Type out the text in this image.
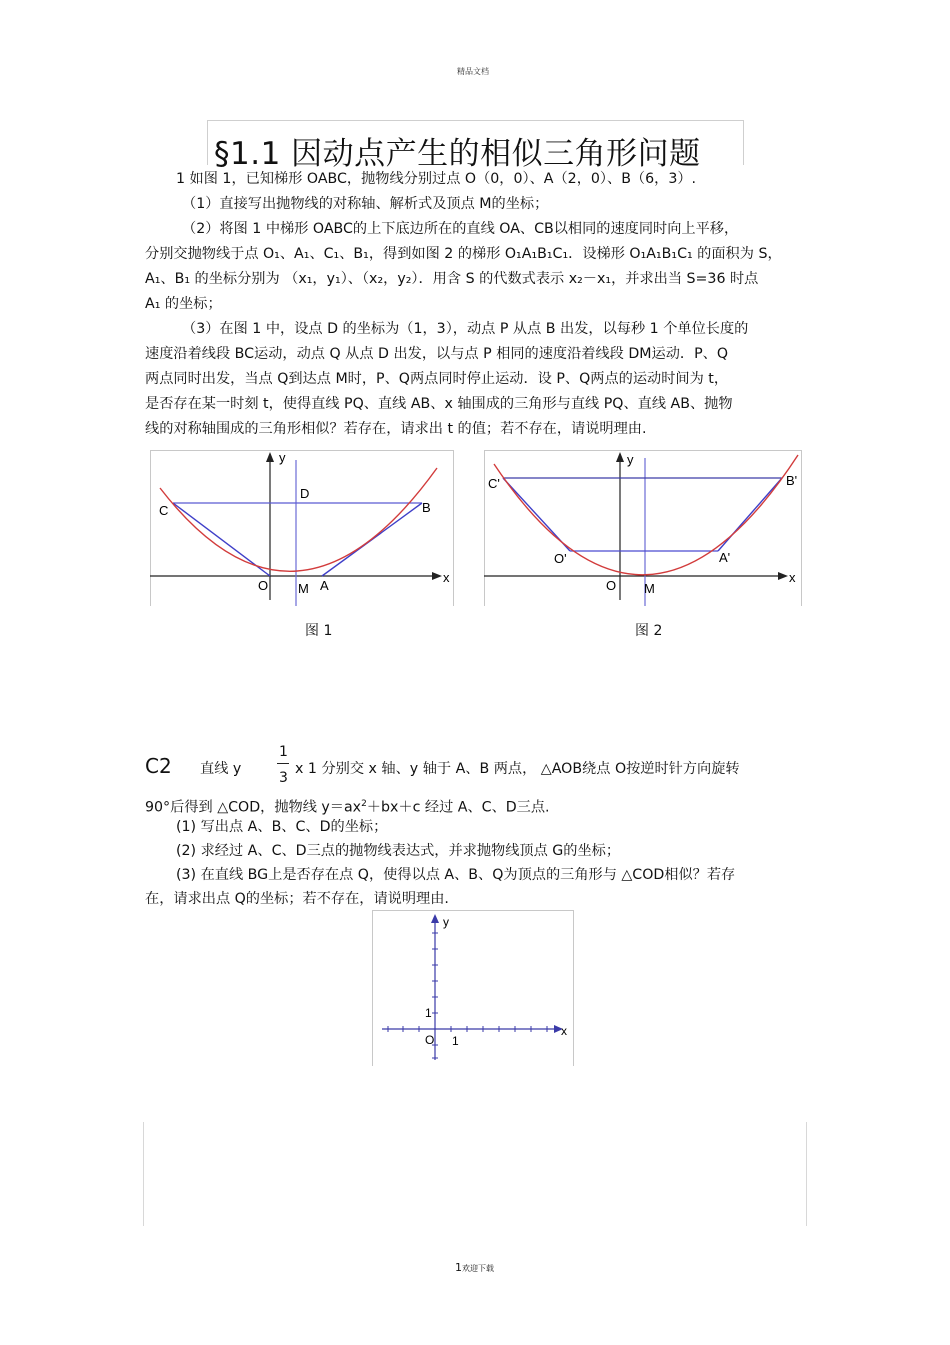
精品文档
§1.1 因动点产生的相似三角形问题
1 如图 1，已知梯形 OABC，抛物线分别过点 O（0，0）、A（2，0）、B（6，3）.
（1）直接写出抛物线的对称轴、解析式及顶点 M的坐标；
（2）将图 1 中梯形 OABC的上下底边所在的直线 OA、CB以相同的速度同时向上平移，
分别交抛物线于点 O₁、A₁、C₁、B₁，得到如图 2 的梯形 O₁A₁B₁C₁．设梯形 O₁A₁B₁C₁ 的面积为 S，
A₁、B₁ 的坐标分别为 （x₁，y₁）、（x₂，y₂）．用含 S 的代数式表示 x₂－x₁，并求出当 S=36 时点
A₁ 的坐标；
（3）在图 1 中，设点 D 的坐标为（1，3），动点 P 从点 B 出发，以每秒 1 个单位长度的
速度沿着线段 BC运动，动点 Q 从点 D 出发，以与点 P 相同的速度沿着线段 DM运动．P、Q
两点同时出发，当点 Q到达点 M时，P、Q两点同时停止运动．设 P、Q两点的运动时间为 t，
是否存在某一时刻 t，使得直线 PQ、直线 AB、x 轴围成的三角形与直线 PQ、直线 AB、抛物
线的对称轴围成的三角形相似？若存在，请求出 t 的值；若不存在，请说明理由.
y
x
D
C	B
O M A
图 1
y
x
C'	B'
O'	A'
O M
图 2
C2 直线 y
1
3
x 1 分别交 x 轴、y 轴于 A、B 两点， △AOB绕点 O按逆时针方向旋转
90°后得到 △COD，抛物线 $y=ax^2+bx+c$ 经过 A、C、D三点.
(1) 写出点 A、B、C、D的坐标；
(2) 求经过 A、C、D三点的抛物线表达式，并求抛物线顶点 G的坐标；
(3) 在直线 BG上是否存在点 Q，使得以点 A、B、Q为顶点的三角形与 △COD相似？若存
在，请求出点 Q的坐标；若不存在，请说明理由.
y
x
O
1
1
1欢迎下载
